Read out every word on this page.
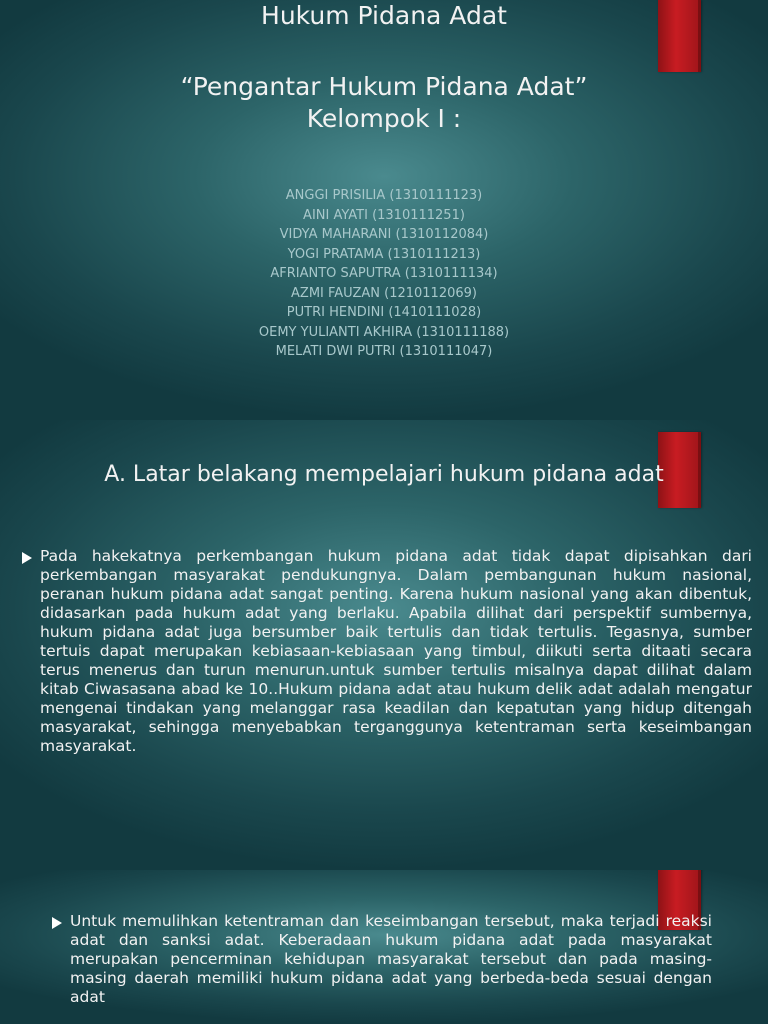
Hukum Pidana Adat
“Pengantar Hukum Pidana Adat”
Kelompok I :
ANGGI PRISILIA (1310111123)
AINI AYATI (1310111251)
VIDYA MAHARANI (1310112084)
YOGI PRATAMA (1310111213)
AFRIANTO SAPUTRA (1310111134)
AZMI FAUZAN (1210112069)
PUTRI HENDINI (1410111028)
OEMY YULIANTI AKHIRA (1310111188)
MELATI DWI PUTRI (1310111047)
A. Latar belakang mempelajari hukum pidana adat

Pada hakekatnya perkembangan hukum pidana adat tidak dapat dipisahkan dari perkembangan masyarakat pendukungnya. Dalam pembangunan hukum nasional, peranan hukum pidana adat sangat penting. Karena hukum nasional yang akan dibentuk, didasarkan pada hukum adat yang berlaku. Apabila dilihat dari perspektif sumbernya, hukum pidana adat juga bersumber baik tertulis dan tidak tertulis. Tegasnya, sumber tertuis dapat merupakan kebiasaan-kebiasaan yang timbul, diikuti serta ditaati secara terus menerus dan turun menurun.untuk sumber tertulis misalnya dapat dilihat dalam kitab Ciwasasana abad ke 10..Hukum pidana adat atau hukum delik adat adalah mengatur mengenai tindakan yang melanggar rasa keadilan dan kepatutan yang hidup ditengah masyarakat, sehingga menyebabkan terganggunya ketentraman serta keseimbangan masyarakat.

Untuk memulihkan ketentraman dan keseimbangan tersebut, maka terjadi reaksi adat dan sanksi adat. Keberadaan hukum pidana adat pada masyarakat merupakan pencerminan kehidupan masyarakat tersebut dan pada masing-masing daerah memiliki hukum pidana adat yang berbeda-beda sesuai dengan adat
